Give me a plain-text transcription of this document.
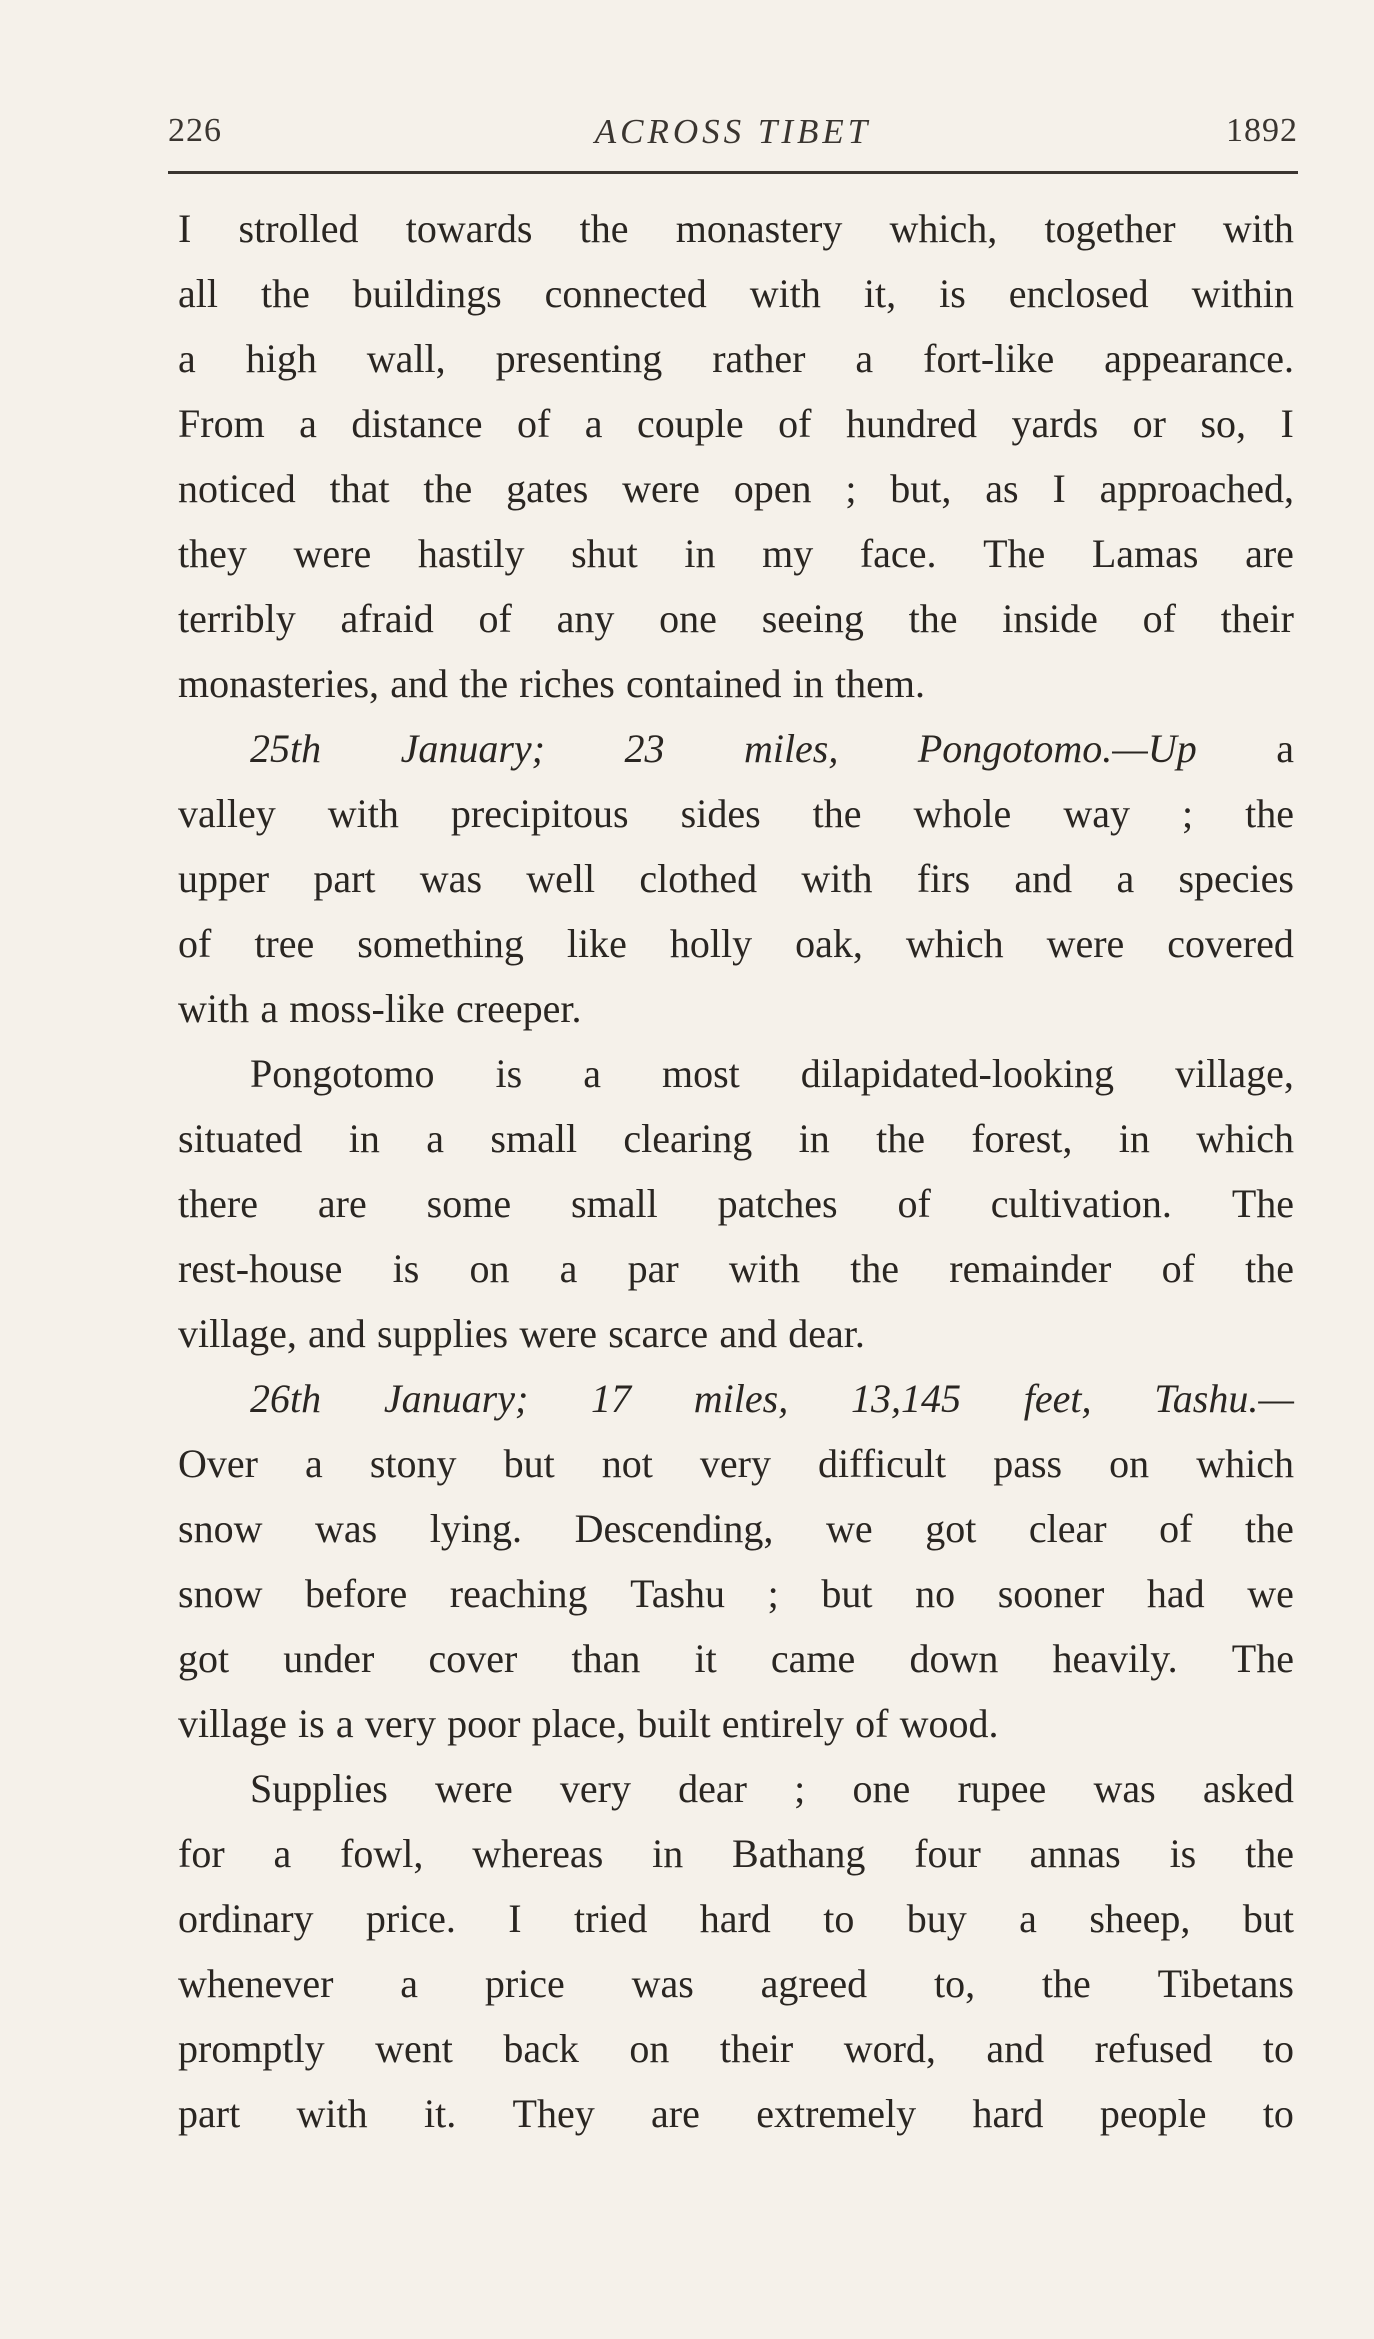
226	ACROSS TIBET	1892
I strolled towards the monastery which, together with
all the buildings connected with it, is enclosed within
a high wall, presenting rather a fort-like appearance.
From a distance of a couple of hundred yards or so, I
noticed that the gates were open ; but, as I approached,
they were hastily shut in my face. The Lamas are
terribly afraid of any one seeing the inside of their
monasteries, and the riches contained in them.
25th January; 23 miles, Pongotomo.—Up a
valley with precipitous sides the whole way ; the
upper part was well clothed with firs and a species
of tree something like holly oak, which were covered
with a moss-like creeper.
Pongotomo is a most dilapidated-looking village,
situated in a small clearing in the forest, in which
there are some small patches of cultivation. The
rest-house is on a par with the remainder of the
village, and supplies were scarce and dear.
26th January; 17 miles, 13,145 feet, Tashu.—
Over a stony but not very difficult pass on which
snow was lying. Descending, we got clear of the
snow before reaching Tashu ; but no sooner had we
got under cover than it came down heavily. The
village is a very poor place, built entirely of wood.
Supplies were very dear ; one rupee was asked
for a fowl, whereas in Bathang four annas is the
ordinary price. I tried hard to buy a sheep, but
whenever a price was agreed to, the Tibetans
promptly went back on their word, and refused to
part with it. They are extremely hard people to
